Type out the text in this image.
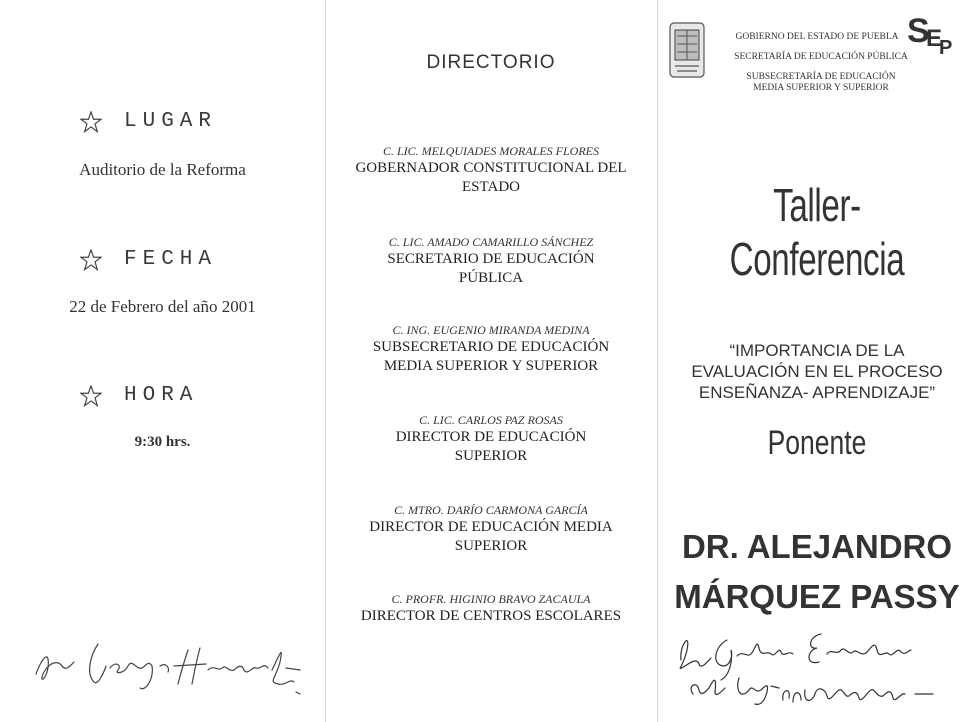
LUGAR
Auditorio de la Reforma
FECHA
22 de Febrero del año 2001
HORA
9:30 hrs.
DIRECTORIO
C. LIC. MELQUIADES MORALES FLORES
GOBERNADOR CONSTITUCIONAL DEL
ESTADO
C. LIC. AMADO CAMARILLO SÁNCHEZ
SECRETARIO DE EDUCACIÓN
PÚBLICA
C. ING. EUGENIO MIRANDA MEDINA
SUBSECRETARIO DE EDUCACIÓN
MEDIA SUPERIOR Y SUPERIOR
C. LIC. CARLOS PAZ ROSAS
DIRECTOR DE EDUCACIÓN
SUPERIOR
C. MTRO. DARÍO CARMONA GARCÍA
DIRECTOR DE EDUCACIÓN MEDIA
SUPERIOR
C. PROFR. HIGINIO BRAVO ZACAULA
DIRECTOR DE CENTROS ESCOLARES
GOBIERNO DEL ESTADO DE PUEBLA
SECRETARÍA DE EDUCACIÓN PÚBLICA
SUBSECRETARÍA DE EDUCACIÓN
MEDIA SUPERIOR Y SUPERIOR
S
E
P
Taller-Conferencia
“IMPORTANCIA DE LA
EVALUACIÓN EN EL PROCESO
ENSEÑANZA- APRENDIZAJE”
Ponente
DR. ALEJANDRO
MÁRQUEZ PASSY
